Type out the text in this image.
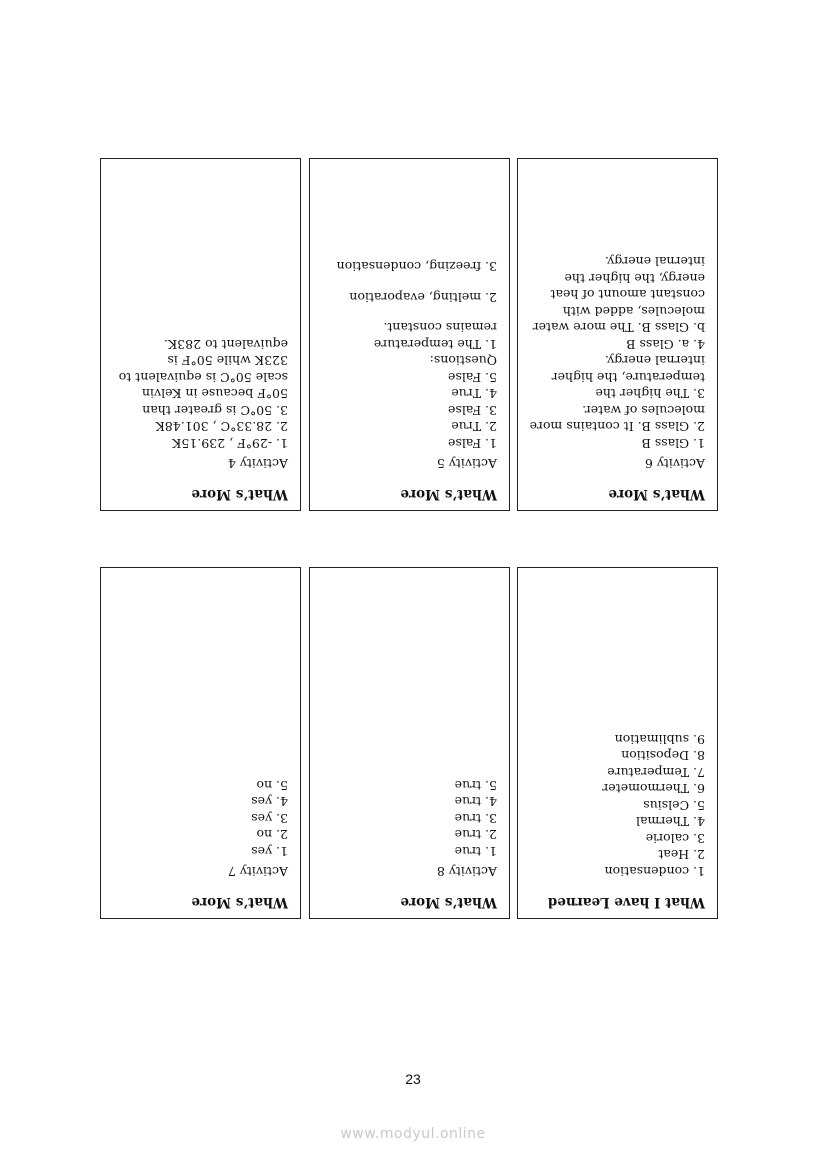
What’s More
Activity 6
1. Glass B
2. Glass B. It contains more molecules of water.
3. The higher the temperature, the higher internal energy.
4. a. Glass B
b. Glass B. The more water molecules, added with constant amount of heat energy, the higher the internal energy.
What’s More
Activity 5
1. False
2. True
3. False
4. True
5. False
Questions:
1. The temperature remains constant.
2. melting, evaporation
3. freezing, condensation
What’s More
Activity 4
1. -29°F , 239.15K
2. 28.33°C , 301.48K
3. 50°C is greater than 50°F because in Kelvin scale 50°C is equivalent to 323K while 50°F is equivalent to 283K.
What I have Learned
1. condensation
2. Heat
3. calorie
4. Thermal
5. Celsius
6. Thermometer
7. Temperature
8. Deposition
9. sublimation
What’s More
Activity 8
1. true
2. true
3. true
4. true
5. true
What’s More
Activity 7
1. yes
2. no
3. yes
4. yes
5. no
23
www.modyul.online
